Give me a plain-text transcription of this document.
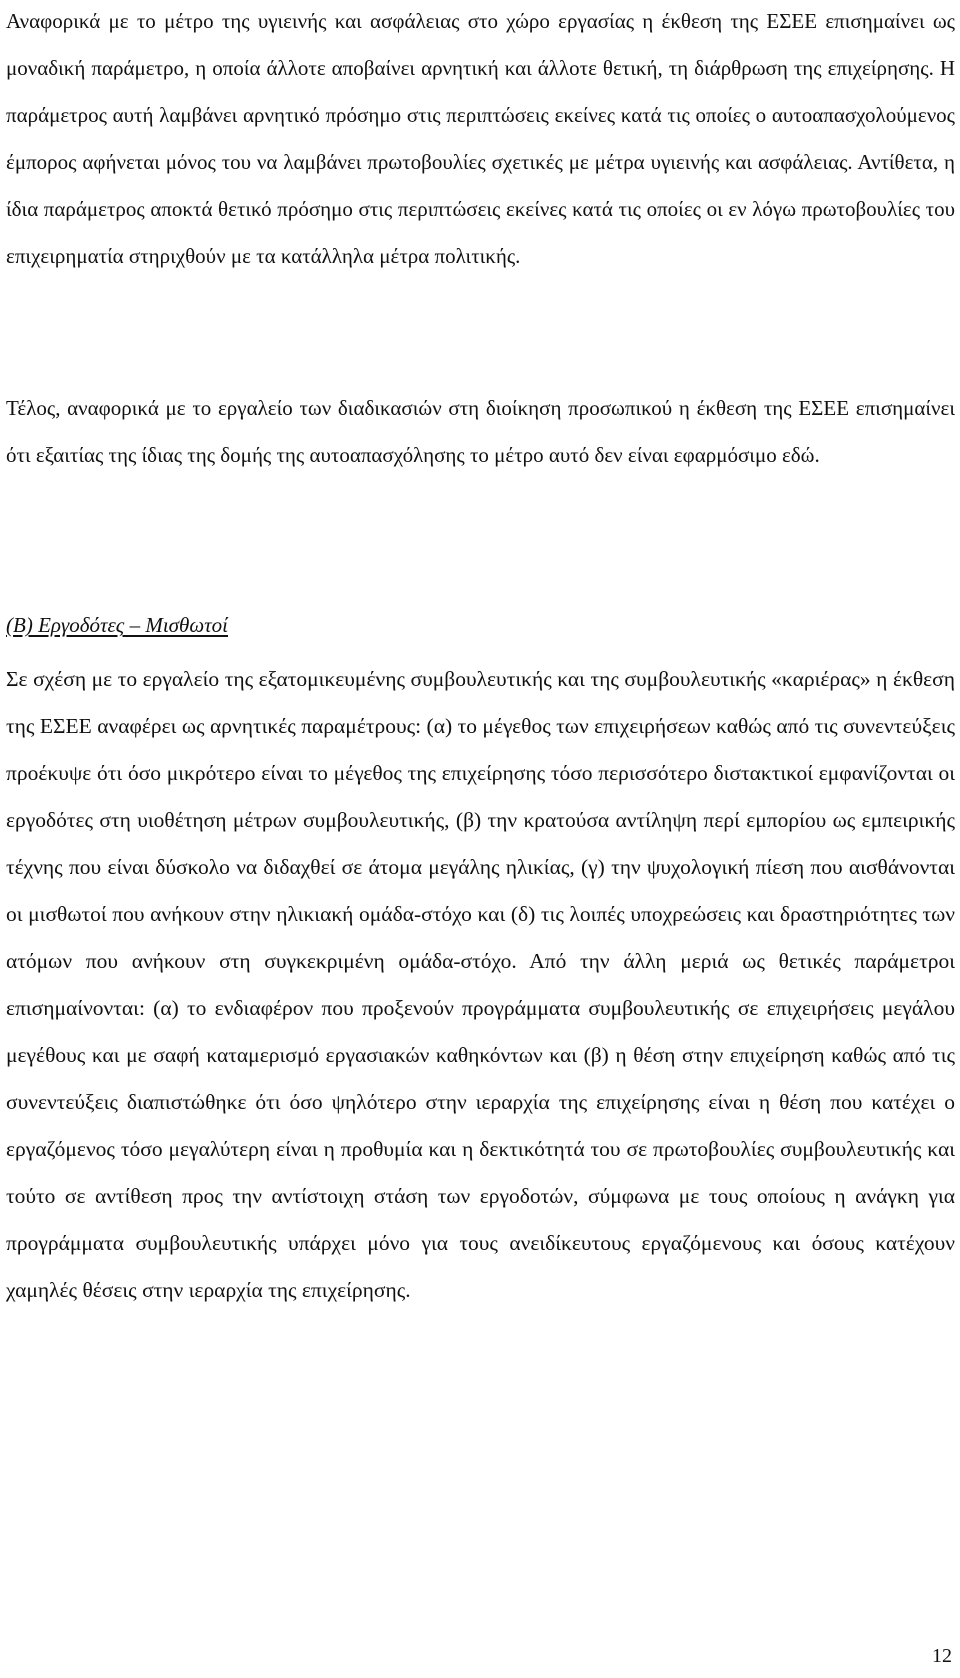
Αναφορικά με το μέτρο της υγιεινής και ασφάλειας στο χώρο εργασίας η έκθεση της ΕΣΕΕ επισημαίνει ως μοναδική παράμετρο, η οποία άλλοτε αποβαίνει αρνητική και άλλοτε θετική, τη διάρθρωση της επιχείρησης. Η παράμετρος αυτή λαμβάνει αρνητικό πρόσημο στις περιπτώσεις εκείνες κατά τις οποίες ο αυτοαπασχολούμενος έμπορος αφήνεται μόνος του να λαμβάνει πρωτοβουλίες σχετικές με μέτρα υγιεινής και ασφάλειας. Αντίθετα, η ίδια παράμετρος αποκτά θετικό πρόσημο στις περιπτώσεις εκείνες κατά τις οποίες οι εν λόγω πρωτοβουλίες του επιχειρηματία στηριχθούν με τα κατάλληλα μέτρα πολιτικής.

Τέλος, αναφορικά με το εργαλείο των διαδικασιών στη διοίκηση προσωπικού η έκθεση της ΕΣΕΕ επισημαίνει ότι εξαιτίας της ίδιας της δομής της αυτοαπασχόλησης το μέτρο αυτό δεν είναι εφαρμόσιμο εδώ.

(Β) Εργοδότες – Μισθωτοί

Σε σχέση με το εργαλείο της εξατομικευμένης συμβουλευτικής και της συμβουλευτικής «καριέρας» η έκθεση της ΕΣΕΕ αναφέρει ως αρνητικές παραμέτρους: (α) το μέγεθος των επιχειρήσεων καθώς από τις συνεντεύξεις προέκυψε ότι όσο μικρότερο είναι το μέγεθος της επιχείρησης τόσο περισσότερο διστακτικοί εμφανίζονται οι εργοδότες στη υιοθέτηση μέτρων συμβουλευτικής, (β) την κρατούσα αντίληψη περί εμπορίου ως εμπειρικής τέχνης που είναι δύσκολο να διδαχθεί σε άτομα μεγάλης ηλικίας, (γ) την ψυχολογική πίεση που αισθάνονται οι μισθωτοί που ανήκουν στην ηλικιακή ομάδα-στόχο και (δ) τις λοιπές υποχρεώσεις και δραστηριότητες των ατόμων που ανήκουν στη συγκεκριμένη ομάδα-στόχο. Από την άλλη μεριά ως θετικές παράμετροι επισημαίνονται: (α) το ενδιαφέρον που προξενούν προγράμματα συμβουλευτικής σε επιχειρήσεις μεγάλου μεγέθους και με σαφή καταμερισμό εργασιακών καθηκόντων και (β) η θέση στην επιχείρηση καθώς από τις συνεντεύξεις διαπιστώθηκε ότι όσο ψηλότερο στην ιεραρχία της επιχείρησης είναι η θέση που κατέχει ο εργαζόμενος τόσο μεγαλύτερη είναι η προθυμία και η δεκτικότητά του σε πρωτοβουλίες συμβουλευτικής και τούτο σε αντίθεση προς την αντίστοιχη στάση των εργοδοτών, σύμφωνα με τους οποίους η ανάγκη για προγράμματα συμβουλευτικής υπάρχει μόνο για τους ανειδίκευτους εργαζόμενους και όσους κατέχουν χαμηλές θέσεις στην ιεραρχία της επιχείρησης.

12
